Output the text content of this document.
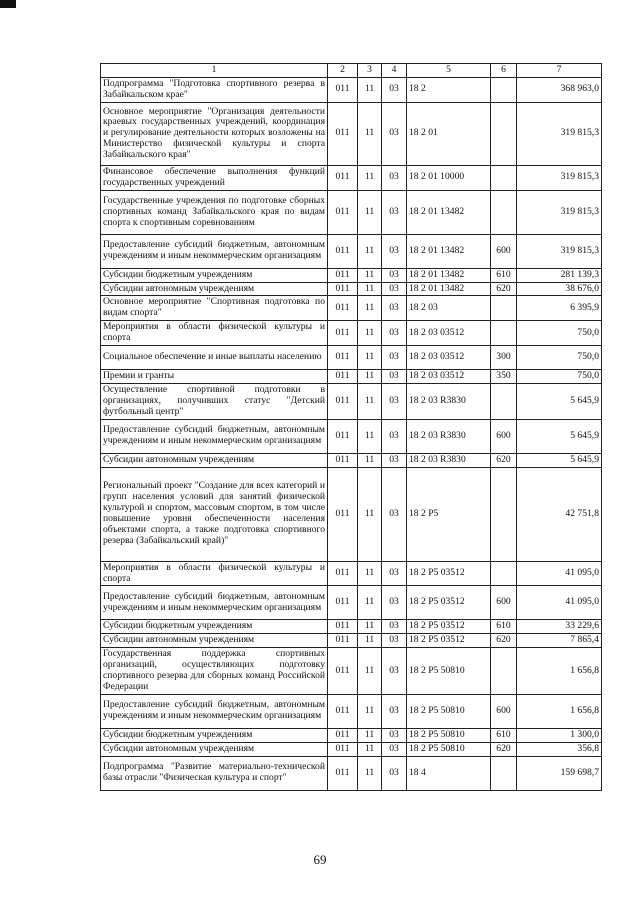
1	2	3	4	5	6	7
Подпрограмма "Подготовка спортивного резерва в Забайкальском крае"	011	11	03	18 2		368 963,0
Основное мероприятие "Организация деятельности краевых государственных учреждений, координация и регулирование деятельности которых возложены на Министерство физической культуры и спорта Забайкальского края"	011	11	03	18 2 01		319 815,3
Финансовое обеспечение выполнения функций государственных учреждений	011	11	03	18 2 01 10000		319 815,3
Государственные учреждения по подготовке сборных спортивных команд Забайкальского края по видам спорта к спортивным соревнованиям	011	11	03	18 2 01 13482		319 815,3
Предоставление субсидий бюджетным, автономным учреждениям и иным некоммерческим организациям	011	11	03	18 2 01 13482	600	319 815,3
Субсидии бюджетным учреждениям	011	11	03	18 2 01 13482	610	281 139,3
Субсидии автономным учреждениям	011	11	03	18 2 01 13482	620	38 676,0
Основное мероприятие "Спортивная подготовка по видам спорта"	011	11	03	18 2 03		6 395,9
Мероприятия в области физической культуры и спорта	011	11	03	18 2 03 03512		750,0
Социальное обеспечение и иные выплаты населению	011	11	03	18 2 03 03512	300	750,0
Премии и гранты	011	11	03	18 2 03 03512	350	750,0
Осуществление спортивной подготовки в организациях, получивших статус "Детский футбольный центр"	011	11	03	18 2 03 R3830		5 645,9
Предоставление субсидий бюджетным, автономным учреждениям и иным некоммерческим организациям	011	11	03	18 2 03 R3830	600	5 645,9
Субсидии автономным учреждениям	011	11	03	18 2 03 R3830	620	5 645,9
Региональный проект "Создание для всех категорий и групп населения условий для занятий физической культурой и спортом, массовым спортом, в том числе повышение уровня обеспеченности населения объектами спорта, а также подготовка спортивного резерва (Забайкальский край)"	011	11	03	18 2 P5		42 751,8
Мероприятия в области физической культуры и спорта	011	11	03	18 2 P5 03512		41 095,0
Предоставление субсидий бюджетным, автономным учреждениям и иным некоммерческим организациям	011	11	03	18 2 P5 03512	600	41 095,0
Субсидии бюджетным учреждениям	011	11	03	18 2 P5 03512	610	33 229,6
Субсидии автономным учреждениям	011	11	03	18 2 P5 03512	620	7 865,4
Государственная поддержка спортивных организаций, осуществляющих подготовку спортивного резерва для сборных команд Российской Федерации	011	11	03	18 2 P5 50810		1 656,8
Предоставление субсидий бюджетным, автономным учреждениям и иным некоммерческим организациям	011	11	03	18 2 P5 50810	600	1 656,8
Субсидии бюджетным учреждениям	011	11	03	18 2 P5 50810	610	1 300,0
Субсидии автономным учреждениям	011	11	03	18 2 P5 50810	620	356,8
Подпрограмма "Развитие материально-технической базы отрасли "Физическая культура и спорт"	011	11	03	18 4		159 698,7
69
